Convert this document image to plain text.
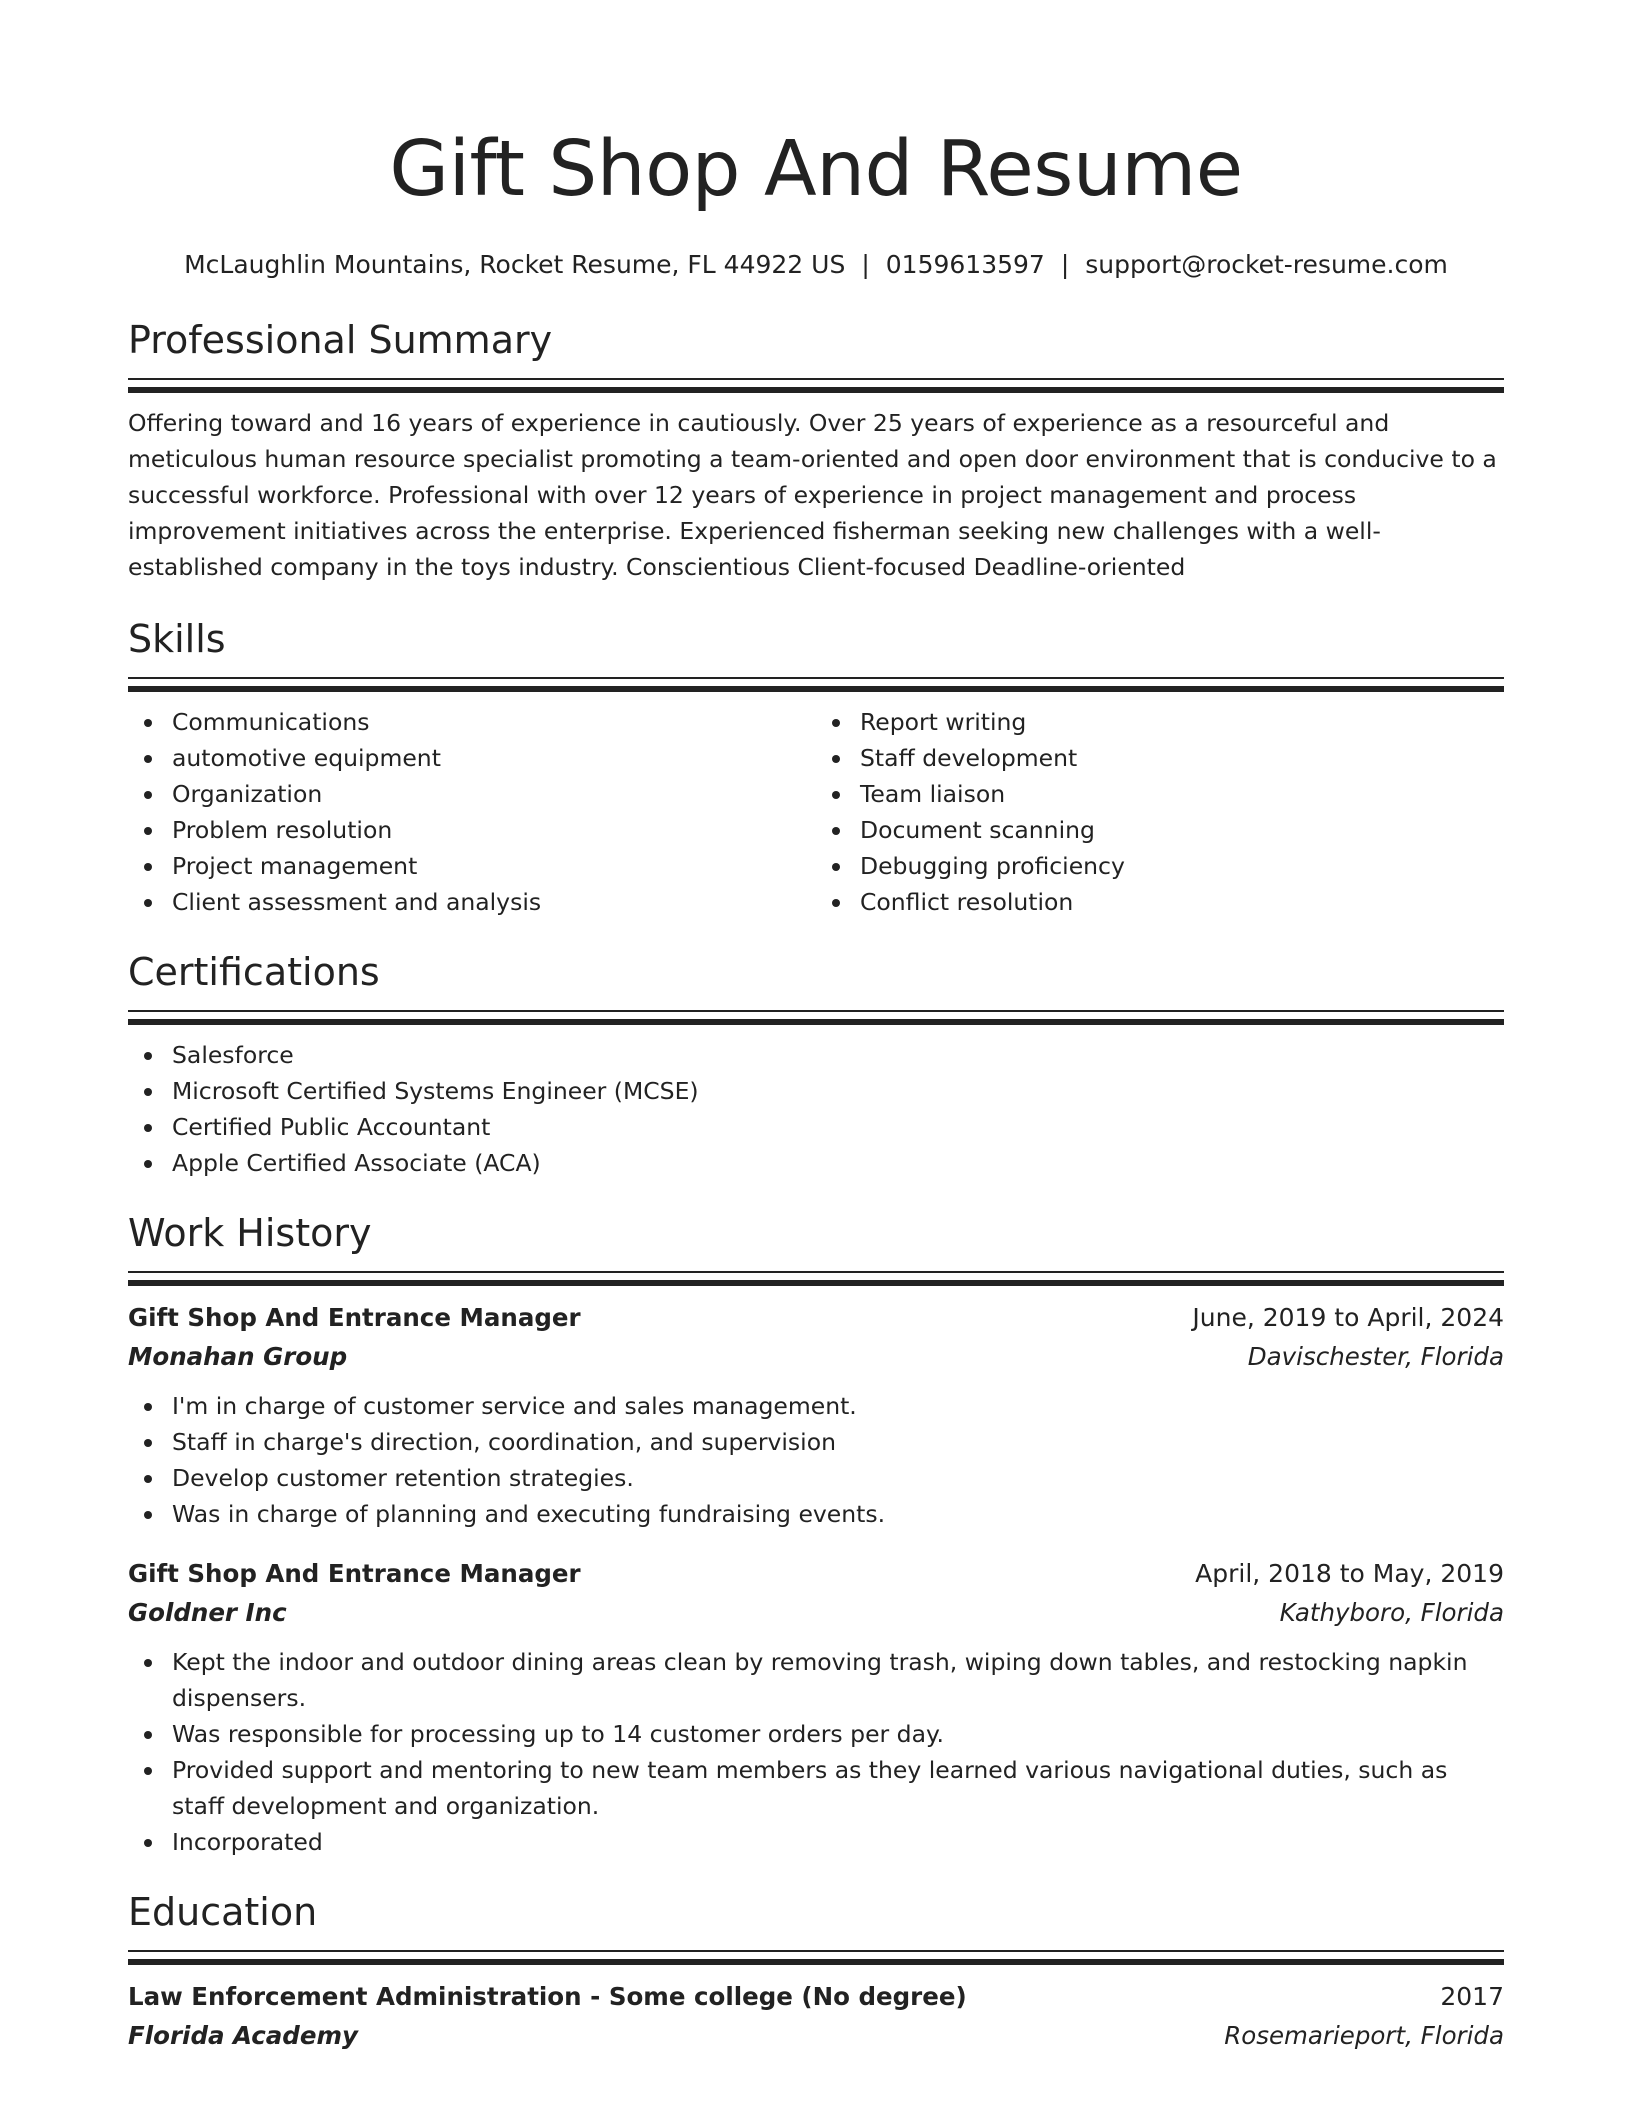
Gift Shop And Resume
McLaughlin Mountains, Rocket Resume, FL 44922 US | 0159613597 | support@rocket-resume.com
Professional Summary

Offering toward and 16 years of experience in cautiously. Over 25 years of experience as a resourceful and meticulous human resource specialist promoting a team-oriented and open door environment that is conducive to a successful workforce. Professional with over 12 years of experience in project management and process improvement initiatives across the enterprise. Experienced fisherman seeking new challenges with a well-established company in the toys industry. Conscientious Client-focused Deadline-oriented

Skills
Communications
automotive equipment
Organization
Problem resolution
Project management
Client assessment and analysis
Report writing
Staff development
Team liaison
Document scanning
Debugging proficiency
Conflict resolution
Certifications
Salesforce
Microsoft Certified Systems Engineer (MCSE)
Certified Public Accountant
Apple Certified Associate (ACA)
Work History
Gift Shop And Entrance Manager	June, 2019 to April, 2024
Monahan Group	Davischester, Florida
I'm in charge of customer service and sales management.
Staff in charge's direction, coordination, and supervision
Develop customer retention strategies.
Was in charge of planning and executing fundraising events.
Gift Shop And Entrance Manager	April, 2018 to May, 2019
Goldner Inc	Kathyboro, Florida
Kept the indoor and outdoor dining areas clean by removing trash, wiping down tables, and restocking napkin dispensers.
Was responsible for processing up to 14 customer orders per day.
Provided support and mentoring to new team members as they learned various navigational duties, such as staff development and organization.
Incorporated
Education
Law Enforcement Administration - Some college (No degree)	2017
Florida Academy	Rosemarieport, Florida
